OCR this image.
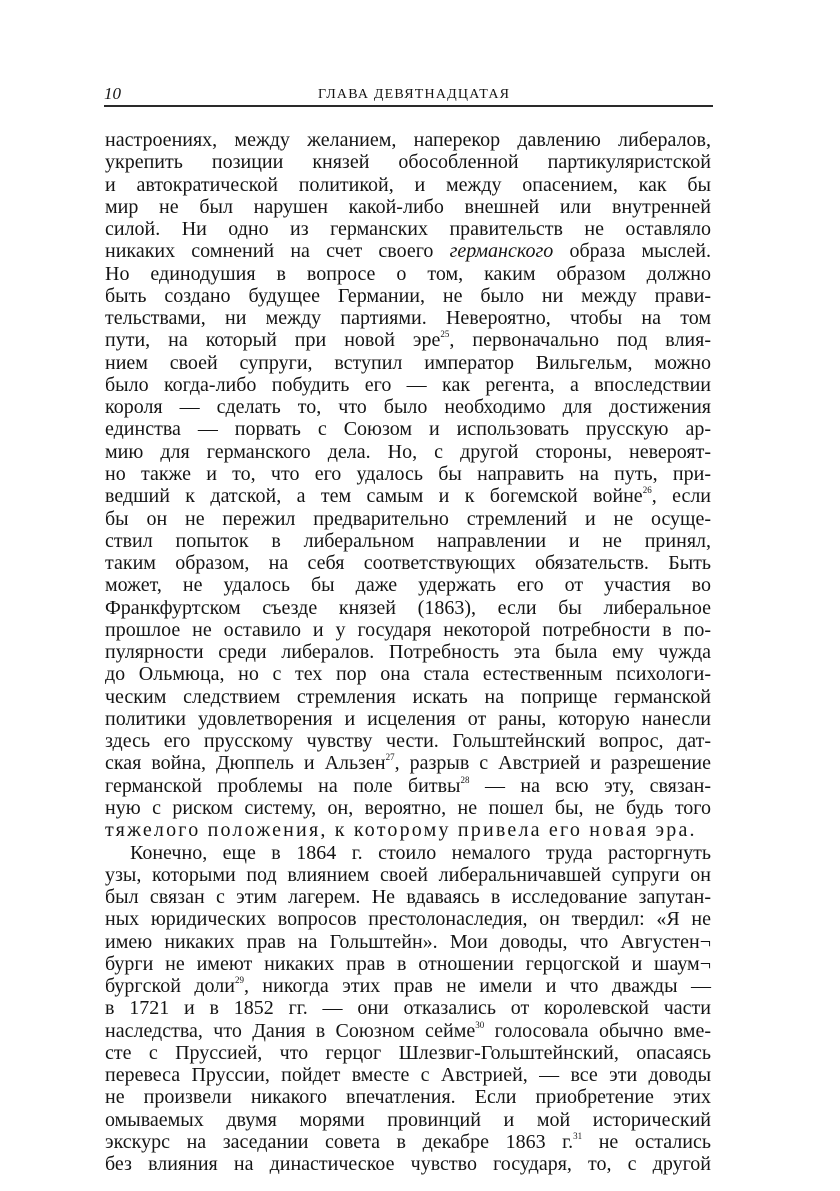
10	ГЛАВА ДЕВЯТНАДЦАТАЯ
настроениях, между желанием, наперекор давлению либералов,
укрепить позиции князей обособленной партикуляристской
и автократической политикой, и между опасением, как бы
мир не был нарушен какой-либо внешней или внутренней
силой. Ни одно из германских правительств не оставляло
никаких сомнений на счет своего германского образа мыслей.
Но единодушия в вопросе о том, каким образом должно
быть создано будущее Германии, не было ни между прави-
тельствами, ни между партиями. Невероятно, чтобы на том
пути, на который при новой эре$^{25}$, первоначально под влия-
нием своей супруги, вступил император Вильгельм, можно
было когда-либо побудить его — как регента, а впоследствии
короля — сделать то, что было необходимо для достижения
единства — порвать с Союзом и использовать прусскую ар-
мию для германского дела. Но, с другой стороны, невероят-
но также и то, что его удалось бы направить на путь, при-
ведший к датской, а тем самым и к богемской войне$^{26}$, если
бы он не пережил предварительно стремлений и не осуще-
ствил попыток в либеральном направлении и не принял,
таким образом, на себя соответствующих обязательств. Быть
может, не удалось бы даже удержать его от участия во
Франкфуртском съезде князей (1863), если бы либеральное
прошлое не оставило и у государя некоторой потребности в по-
пулярности среди либералов. Потребность эта была ему чужда
до Ольмюца, но с тех пор она стала естественным психологи-
ческим следствием стремления искать на поприще германской
политики удовлетворения и исцеления от раны, которую нанесли
здесь его прусскому чувству чести. Гольштейнский вопрос, дат-
ская война, Дюппель и Альзен$^{27}$, разрыв с Австрией и разрешение
германской проблемы на поле битвы$^{28}$ — на всю эту, связан-
ную с риском систему, он, вероятно, не пошел бы, не будь того
тяжелого положения, к которому привела его новая эра.
Конечно, еще в 1864 г. стоило немалого труда расторгнуть
узы, которыми под влиянием своей либеральничавшей супруги он
был связан с этим лагерем. Не вдаваясь в исследование запутан-
ных юридических вопросов престолонаследия, он твердил: «Я не
имею никаких прав на Гольштейн». Мои доводы, что Августен¬
бурги не имеют никаких прав в отношении герцогской и шаум¬
бургской доли$^{29}$, никогда этих прав не имели и что дважды —
в 1721 и в 1852 гг. — они отказались от королевской части
наследства, что Дания в Союзном сейме$^{30}$ голосовала обычно вме-
сте с Пруссией, что герцог Шлезвиг-Гольштейнский, опасаясь
перевеса Пруссии, пойдет вместе с Австрией, — все эти доводы
не произвели никакого впечатления. Если приобретение этих
омываемых двумя морями провинций и мой исторический
экскурс на заседании совета в декабре 1863 г.$^{31}$ не остались
без влияния на династическое чувство государя, то, с другой
